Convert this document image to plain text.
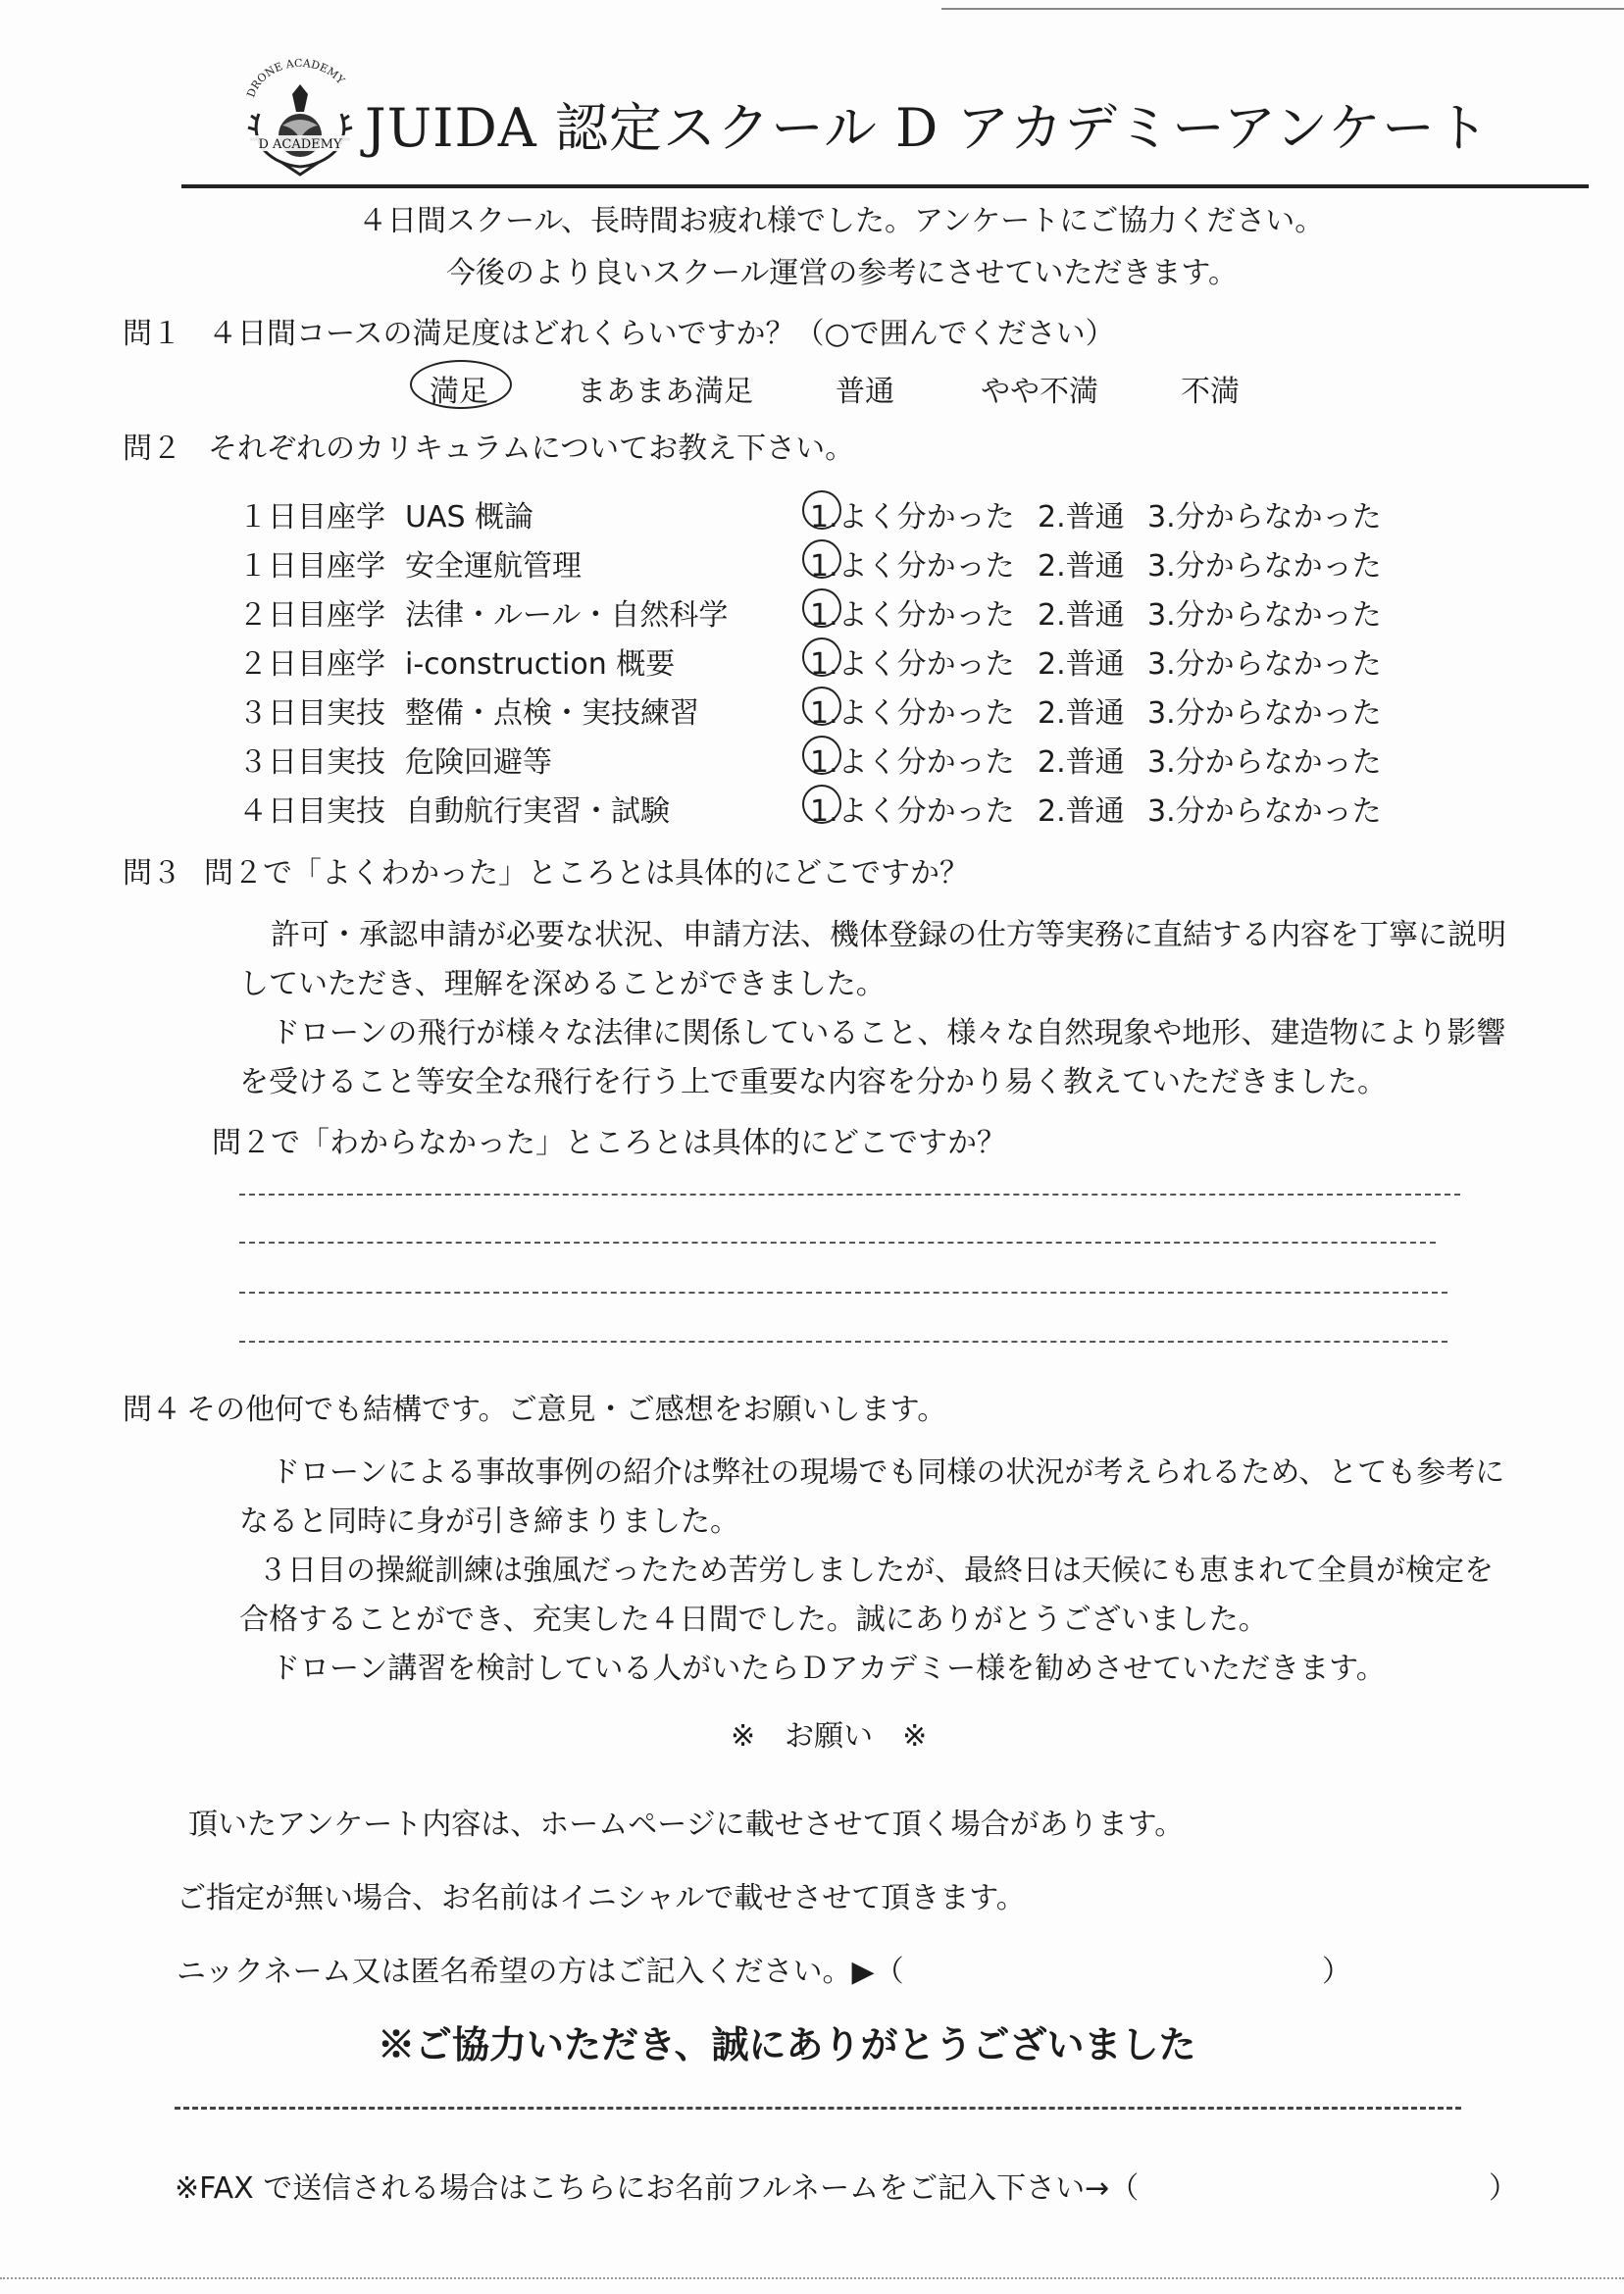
DRONE ACADEMY
D ACADEMY JUIDA 認定スクール D アカデミーアンケート
４日間スクール、長時間お疲れ様でした。アンケートにご協力ください。
今後のより良いスクール運営の参考にさせていただきます。
問１ ４日間コースの満足度はどれくらいですか？（○で囲んでください）
満足	まあまあ満足	普通	やや不満	不満
問２ それぞれのカリキュラムについてお教え下さい。
１日目座学 UAS 概論	1.よく分かった 2.普通 3.分からなかった
１日目座学 安全運航管理	1.よく分かった 2.普通 3.分からなかった
２日目座学 法律・ルール・自然科学	1.よく分かった 2.普通 3.分からなかった
２日目座学 i-construction 概要	1.よく分かった 2.普通 3.分からなかった
３日目実技 整備・点検・実技練習	1.よく分かった 2.普通 3.分からなかった
３日目実技 危険回避等	1.よく分かった 2.普通 3.分からなかった
４日目実技 自動航行実習・試験	1.よく分かった 2.普通 3.分からなかった
問３ 問２で「よくわかった」ところとは具体的にどこですか？
許可・承認申請が必要な状況、申請方法、機体登録の仕方等実務に直結する内容を丁寧に説明
していただき、理解を深めることができました。
ドローンの飛行が様々な法律に関係していること、様々な自然現象や地形、建造物により影響
を受けること等安全な飛行を行う上で重要な内容を分かり易く教えていただきました。
問２で「わからなかった」ところとは具体的にどこですか？
問４ その他何でも結構です。ご意見・ご感想をお願いします。
ドローンによる事故事例の紹介は弊社の現場でも同様の状況が考えられるため、とても参考に
なると同時に身が引き締まりました。
３日目の操縦訓練は強風だったため苦労しましたが、最終日は天候にも恵まれて全員が検定を
合格することができ、充実した４日間でした。誠にありがとうございました。
ドローン講習を検討している人がいたらＤアカデミー様を勧めさせていただきます。
※　お願い　※
頂いたアンケート内容は、ホームページに載せさせて頂く場合があります。
ご指定が無い場合、お名前はイニシャルで載せさせて頂きます。
ニックネーム又は匿名希望の方はご記入ください。▶（	）
※ご協力いただき、誠にありがとうございました
※FAX で送信される場合はこちらにお名前フルネームをご記入下さい→（	）
